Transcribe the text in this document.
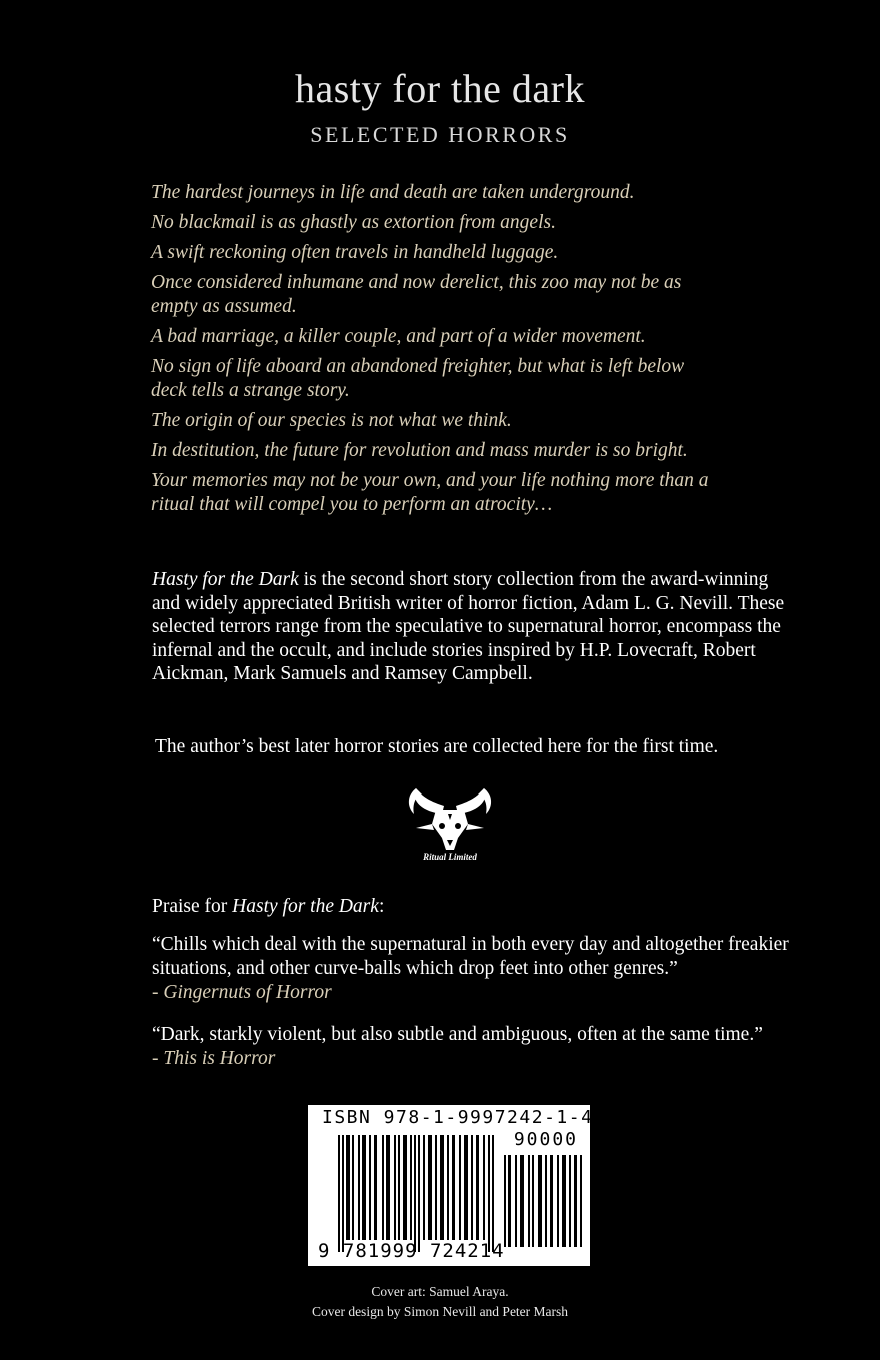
hasty for the dark
SELECTED HORRORS

The hardest journeys in life and death are taken underground.

No blackmail is as ghastly as extortion from angels.

A swift reckoning often travels in handheld luggage.

Once considered inhumane and now derelict, this zoo may not be as empty as assumed.

A bad marriage, a killer couple, and part of a wider movement.

No sign of life aboard an abandoned freighter, but what is left below deck tells a strange story.

The origin of our species is not what we think.

In destitution, the future for revolution and mass murder is so bright.

Your memories may not be your own, and your life nothing more than a ritual that will compel you to perform an atrocity…

Hasty for the Dark is the second short story collection from the award-winning and widely appreciated British writer of horror fiction, Adam L. G. Nevill. These selected terrors range from the speculative to supernatural horror, encompass the infernal and the occult, and include stories inspired by H.P. Lovecraft, Robert Aickman, Mark Samuels and Ramsey Campbell.
The author’s best later horror stories are collected here for the first time.
Ritual Limited
Praise for Hasty for the Dark:
“Chills which deal with the supernatural in both every day and altogether freakier situations, and other curve-balls which drop feet into other genres.”
- Gingernuts of Horror
“Dark, starkly violent, but also subtle and ambiguous, often at the same time.”
- This is Horror
ISBN 978-1-9997242-1-4
90000
9 781999 724214
Cover art: Samuel Araya.
Cover design by Simon Nevill and Peter Marsh
